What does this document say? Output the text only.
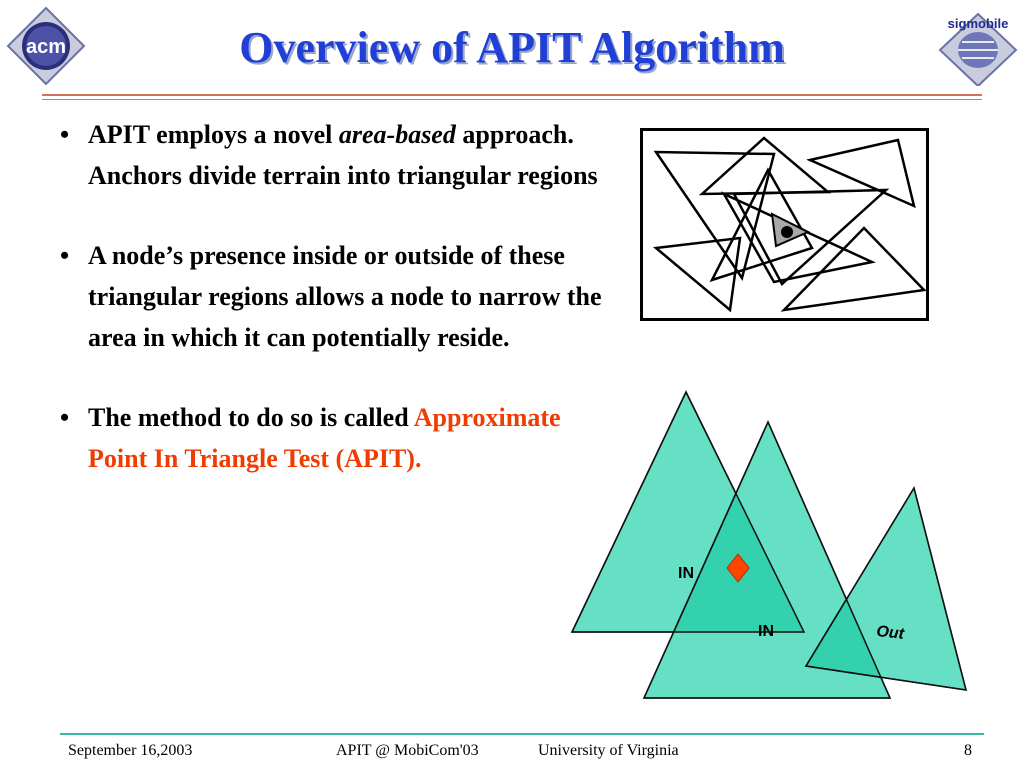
acm
sigmobile
Overview of APIT Algorithm
• APIT employs a novel area-based approach. Anchors divide terrain into triangular regions
• A node’s presence inside or outside of these triangular regions allows a node to narrow the area in which it can potentially reside.
• The method to do so is called Approximate Point In Triangle Test (APIT).
IN
IN	Out
September 16,2003	APIT @ MobiCom'03	University of Virginia	8
